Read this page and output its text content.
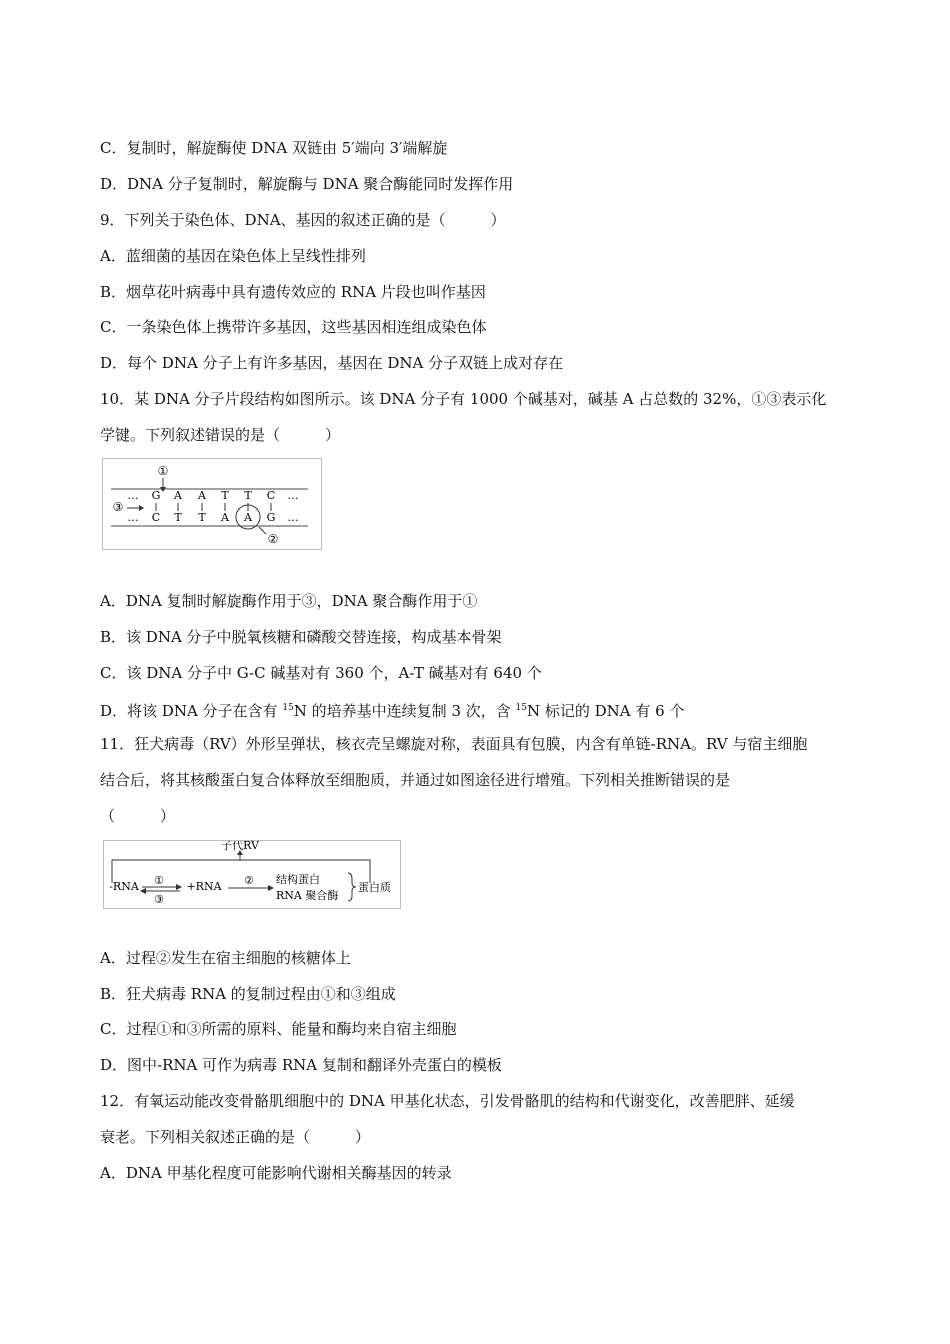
C．复制时，解旋酶使 DNA 双链由 5′端向 3′端解旋
D．DNA 分子复制时，解旋酶与 DNA 聚合酶能同时发挥作用
9．下列关于染色体、DNA、基因的叙述正确的是（　　　）
A．蓝细菌的基因在染色体上呈线性排列
B．烟草花叶病毒中具有遗传效应的 RNA 片段也叫作基因
C．一条染色体上携带许多基因，这些基因相连组成染色体
D．每个 DNA 分子上有许多基因，基因在 DNA 分子双链上成对存在
10．某 DNA 分子片段结构如图所示。该 DNA 分子有 1000 个碱基对，碱基 A 占总数的 32%，①③表示化
学键。下列叙述错误的是（　　　）
①
… G A A T T C …
… C T T A A G …
③
②
A．DNA 复制时解旋酶作用于③，DNA 聚合酶作用于①
B．该 DNA 分子中脱氧核糖和磷酸交替连接，构成基本骨架
C．该 DNA 分子中 G-C 碱基对有 360 个，A-T 碱基对有 640 个
D．将该 DNA 分子在含有 $^{15}$N 的培养基中连续复制 3 次，含 $^{15}$N 标记的 DNA 有 6 个
11．狂犬病毒（RV）外形呈弹状，核衣壳呈螺旋对称，表面具有包膜，内含有单链-RNA。RV 与宿主细胞
结合后，将其核酸蛋白复合体释放至细胞质，并通过如图途径进行增殖。下列相关推断错误的是
（　　　）
子代RV
-RNA ①
③
+RNA ② 结构蛋白
RNA 聚合酶
蛋白质
A．过程②发生在宿主细胞的核糖体上
B．狂犬病毒 RNA 的复制过程由①和③组成
C．过程①和③所需的原料、能量和酶均来自宿主细胞
D．图中-RNA 可作为病毒 RNA 复制和翻译外壳蛋白的模板
12．有氧运动能改变骨骼肌细胞中的 DNA 甲基化状态，引发骨骼肌的结构和代谢变化，改善肥胖、延缓
衰老。下列相关叙述正确的是（　　　）
A．DNA 甲基化程度可能影响代谢相关酶基因的转录
